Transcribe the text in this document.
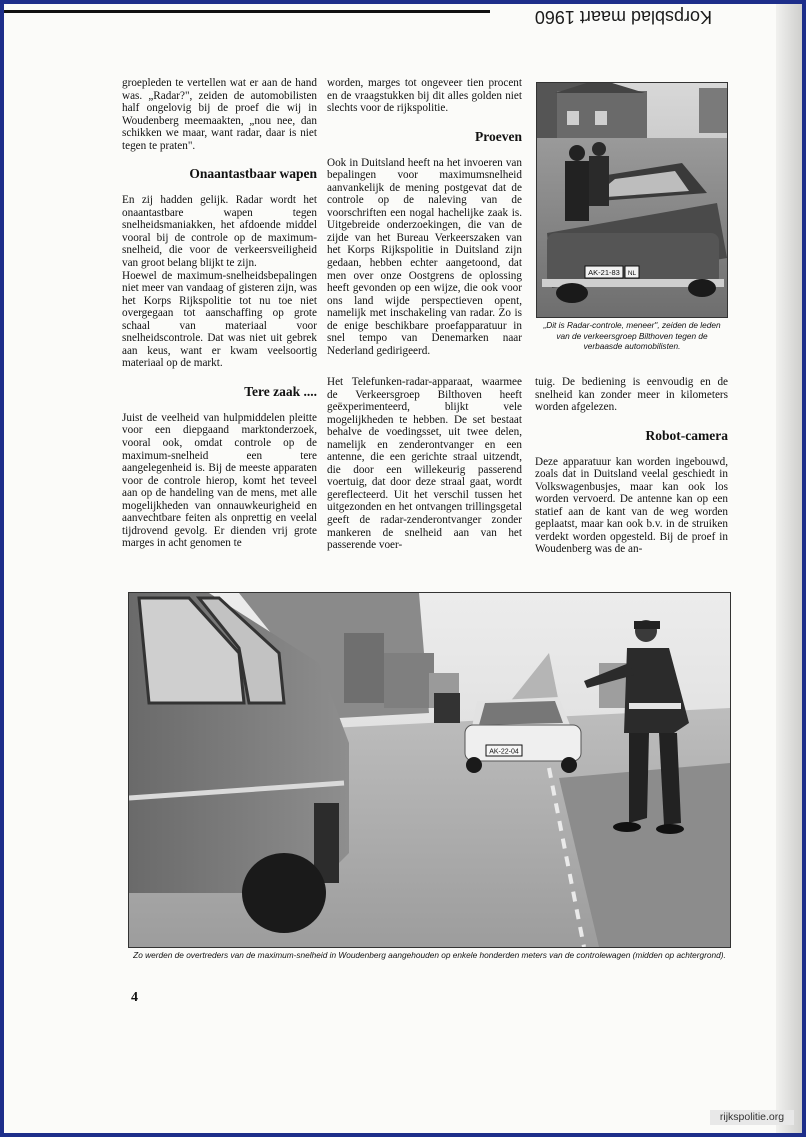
Korpsblad maart 1960

groepleden te vertellen wat er aan de hand was. „Radar?", zeiden de automobilisten half ongelovig bij de proef die wij in Woudenberg meemaakten, „nou nee, dan schikken we maar, want radar, daar is niet tegen te praten".

Onaantastbaar wapen

En zij hadden gelijk. Radar wordt het onaantastbare wapen tegen snelheidsmaniakken, het afdoende middel vooral bij de controle op de maximum-snelheid, die voor de verkeersveiligheid van groot belang blijkt te zijn.

Hoewel de maximum-snelheidsbepalingen niet meer van vandaag of gisteren zijn, was het Korps Rijkspolitie tot nu toe niet overgegaan tot aanschaffing op grote schaal van materiaal voor snelheidscontrole. Dat was niet uit gebrek aan keus, want er kwam veelsoortig materiaal op de markt.

Tere zaak ....

Juist de veelheid van hulpmiddelen pleitte voor een diepgaand marktonderzoek, vooral ook, omdat controle op de maximum-snelheid een tere aangelegenheid is. Bij de meeste apparaten voor de controle hierop, komt het teveel aan op de handeling van de mens, met alle mogelijkheden van onnauwkeurigheid en aanvechtbare feiten als onprettig en veelal tijdrovend gevolg. Er dienden vrij grote marges in acht genomen te

worden, marges tot ongeveer tien procent en de vraagstukken bij dit alles golden niet slechts voor de rijkspolitie.

Proeven

Ook in Duitsland heeft na het invoeren van bepalingen voor maximumsnelheid aanvankelijk de mening postgevat dat de controle op de naleving van de voorschriften een nogal hachelijke zaak is. Uitgebreide onderzoekingen, die van de zijde van het Bureau Verkeerszaken van het Korps Rijkspolitie in Duitsland zijn gedaan, hebben echter aangetoond, dat men over onze Oostgrens de oplossing heeft gevonden op een wijze, die ook voor ons land wijde perspectieven opent, namelijk met inschakeling van radar. Zo is de enige beschikbare proefapparatuur in snel tempo van Denemarken naar Nederland gedirigeerd.

Het Telefunken-radar-apparaat, waarmee de Verkeersgroep Bilthoven heeft geëxperimenteerd, blijkt vele mogelijkheden te hebben. De set bestaat behalve de voedingsset, uit twee delen, namelijk en zenderontvanger en een antenne, die een gerichte straal uitzendt, die door een willekeurig passerend voertuig, dat door deze straal gaat, wordt gereflecteerd. Uit het verschil tussen het uitgezonden en het ontvangen trillingsgetal geeft de radar-zenderontvanger zonder mankeren de snelheid aan van het passerende voer-

tuig. De bediening is eenvoudig en de snelheid kan zonder meer in kilometers worden afgelezen.

Robot-camera

Deze apparatuur kan worden ingebouwd, zoals dat in Duitsland veelal geschiedt in Volkswagenbusjes, maar kan ook los worden vervoerd. De antenne kan op een statief aan de kant van de weg worden geplaatst, maar kan ook b.v. in de struiken verdekt worden opgesteld. Bij de proef in Woudenberg was de an-

AK-21-83 NL
„Dit is Radar-controle, meneer", zeiden de leden van de verkeersgroep Bilthoven tegen de verbaasde automobilisten.
AK-22-04
Zo werden de overtreders van de maximum-snelheid in Woudenberg aangehouden op enkele honderden meters van de controlewagen (midden op achtergrond).
4
rijkspolitie.org
